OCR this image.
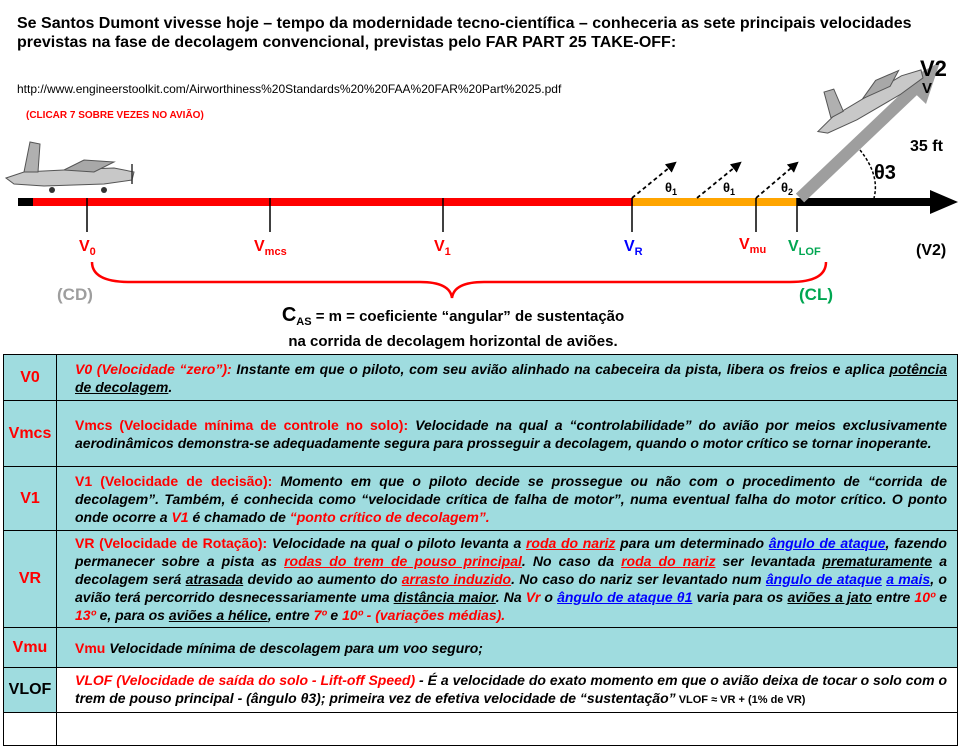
Se Santos Dumont vivesse hoje – tempo da modernidade tecno-científica – conheceria as sete principais velocidades previstas na fase de decolagem convencional, previstas pelo FAR PART 25 TAKE-OFF:
http://www.engineerstoolkit.com/Airworthiness%20Standards%20%20FAA%20FAR%20Part%2025.pdf
(CLICAR 7 SOBRE VEZES NO AVIÃO)
$\theta_1$	$\theta_1$	$\theta_2$
V2
V
35 ft
θ3
$V_0$	$V_{mcs}$	$V_1$	$V_R$	$V_{mu}$ $V_{LOF}$	(V2)
(CD)	(CL)
$C_{AS} = m$ = coeficiente “angular” de sustentação
na corrida de decolagem horizontal de aviões.
V0	V0 (Velocidade “zero”): Instante em que o piloto, com seu avião alinhado na cabeceira da pista, libera os freios e aplica potência de decolagem.
Vmcs	Vmcs (Velocidade mínima de controle no solo): Velocidade na qual a “controlabilidade” do avião por meios exclusivamente aerodinâmicos demonstra-se adequadamente segura para prosseguir a decolagem, quando o motor crítico se tornar inoperante.
V1	V1 (Velocidade de decisão): Momento em que o piloto decide se prossegue ou não com o procedimento de “corrida de decolagem”. Também, é conhecida como “velocidade crítica de falha de motor”, numa eventual falha do motor crítico. O ponto onde ocorre a V1 é chamado de “ponto crítico de decolagem”.
VR	VR (Velocidade de Rotação): Velocidade na qual o piloto levanta a roda do nariz para um determinado ângulo de ataque, fazendo permanecer sobre a pista as rodas do trem de pouso principal. No caso da roda do nariz ser levantada prematuramente a decolagem será atrasada devido ao aumento do arrasto induzido. No caso do nariz ser levantado num ângulo de ataque a mais, o avião terá percorrido desnecessariamente uma distância maior. Na Vr o ângulo de ataque θ1 varia para os aviões a jato entre 10º e 13º e, para os aviões a hélice, entre 7º e 10º - (variações médias).
Vmu	Vmu Velocidade mínima de descolagem para um voo seguro;
VLOF	VLOF (Velocidade de saída do solo - Lift-off Speed) - É a velocidade do exato momento em que o avião deixa de tocar o solo com o trem de pouso principal - (ângulo θ3); primeira vez de efetiva velocidade de “sustentação” VLOF ≈ VR + (1% de VR)
